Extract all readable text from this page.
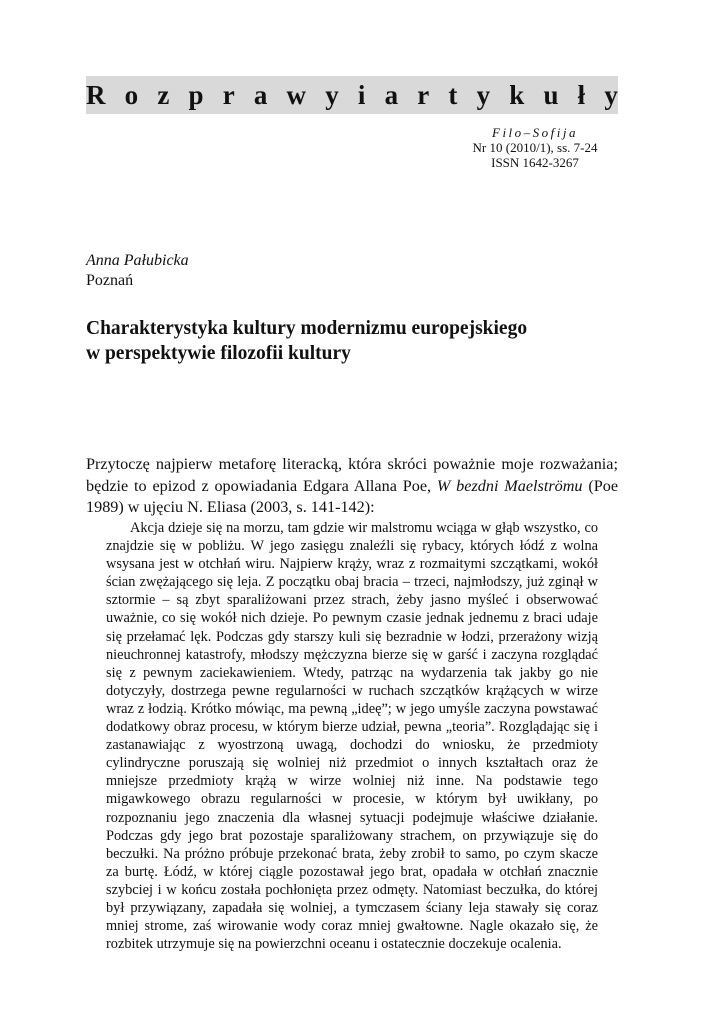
R o z p r a w y i a r t y k u ł y
Filo–Sofija
Nr 10 (2010/1), ss. 7-24
ISSN 1642-3267
Anna Pałubicka
Poznań
Charakterystyka kultury modernizmu europejskiego
w perspektywie filozofii kultury

Przytoczę najpierw metaforę literacką, która skróci poważnie moje rozważania; będzie to epizod z opowiadania Edgara Allana Poe, W bezdni Maelströmu (Poe 1989) w ujęciu N. Eliasa (2003, s. 141-142):

Akcja dzieje się na morzu, tam gdzie wir malstromu wciąga w głąb wszystko, co znajdzie się w pobliżu. W jego zasięgu znaleźli się rybacy, których łódź z wolna wsysana jest w otchłań wiru. Najpierw krąży, wraz z rozmaitymi szczątkami, wokół ścian zwężającego się leja. Z początku obaj bracia – trzeci, najmłodszy, już zginął w sztormie – są zbyt sparaliżowani przez strach, żeby jasno myśleć i obserwować uważnie, co się wokół nich dzieje. Po pewnym czasie jednak jednemu z braci udaje się przełamać lęk. Podczas gdy starszy kuli się bezradnie w łodzi, przerażony wizją nieuchronnej katastrofy, młodszy mężczyzna bierze się w garść i zaczyna rozglądać się z pewnym zaciekawieniem. Wtedy, patrząc na wydarzenia tak jakby go nie dotyczyły, dostrzega pewne regularności w ruchach szczątków krążących w wirze wraz z łodzią. Krótko mówiąc, ma pewną „ideę”; w jego umyśle zaczyna powstawać dodatkowy obraz procesu, w którym bierze udział, pewna „teoria”. Rozglądając się i zastanawiając z wyostrzoną uwagą, dochodzi do wniosku, że przedmioty cylindryczne poruszają się wolniej niż przedmiot o innych kształtach oraz że mniejsze przedmioty krążą w wirze wolniej niż inne. Na podstawie tego migawkowego obrazu regularności w procesie, w którym był uwikłany, po rozpoznaniu jego znaczenia dla własnej sytuacji podejmuje właściwe działanie. Podczas gdy jego brat pozostaje sparaliżowany strachem, on przywiązuje się do beczułki. Na próżno próbuje przekonać brata, żeby zrobił to samo, po czym skacze za burtę. Łódź, w której ciągle pozostawał jego brat, opadała w otchłań znacznie szybciej i w końcu została pochłonięta przez odmęty. Natomiast beczułka, do której był przywiązany, zapadała się wolniej, a tymczasem ściany leja stawały się coraz mniej strome, zaś wirowanie wody coraz mniej gwałtowne. Nagle okazało się, że rozbitek utrzymuje się na powierzchni oceanu i ostatecznie doczekuje ocalenia.
